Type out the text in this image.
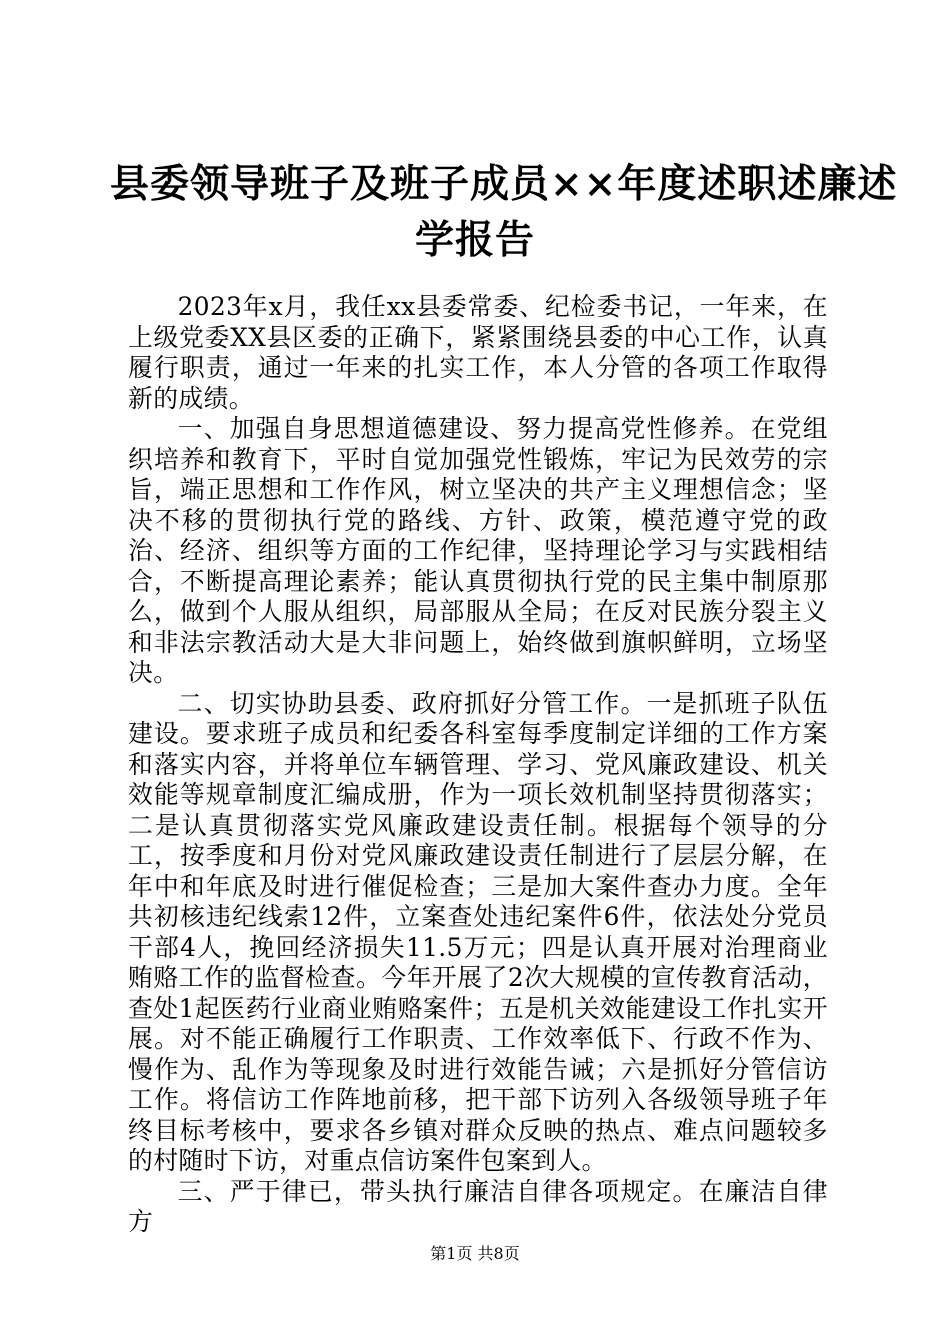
县委领导班子及班子成员××年度述职述廉述
学报告

2023年x月，我任xx县委常委、纪检委书记，一年来，在上级党委XX县区委的正确下，紧紧围绕县委的中心工作，认真履行职责，通过一年来的扎实工作，本人分管的各项工作取得新的成绩。

一、加强自身思想道德建设、努力提高党性修养。在党组织培养和教育下，平时自觉加强党性锻炼，牢记为民效劳的宗旨，端正思想和工作作风，树立坚决的共产主义理想信念；坚决不移的贯彻执行党的路线、方针、政策，模范遵守党的政治、经济、组织等方面的工作纪律，坚持理论学习与实践相结合，不断提高理论素养；能认真贯彻执行党的民主集中制原那么，做到个人服从组织，局部服从全局；在反对民族分裂主义和非法宗教活动大是大非问题上，始终做到旗帜鲜明，立场坚决。

二、切实协助县委、政府抓好分管工作。一是抓班子队伍建设。要求班子成员和纪委各科室每季度制定详细的工作方案和落实内容，并将单位车辆管理、学习、党风廉政建设、机关效能等规章制度汇编成册，作为一项长效机制坚持贯彻落实；二是认真贯彻落实党风廉政建设责任制。根据每个领导的分工，按季度和月份对党风廉政建设责任制进行了层层分解，在年中和年底及时进行催促检查；三是加大案件查办力度。全年共初核违纪线索12件，立案查处违纪案件6件，依法处分党员干部4人，挽回经济损失11.5万元；四是认真开展对治理商业贿赂工作的监督检查。今年开展了2次大规模的宣传教育活动，查处1起医药行业商业贿赂案件；五是机关效能建设工作扎实开展。对不能正确履行工作职责、工作效率低下、行政不作为、慢作为、乱作为等现象及时进行效能告诫；六是抓好分管信访工作。将信访工作阵地前移，把干部下访列入各级领导班子年终目标考核中，要求各乡镇对群众反映的热点、难点问题较多的村随时下访，对重点信访案件包案到人。

三、严于律已，带头执行廉洁自律各项规定。在廉洁自律方

第1页 共8页
